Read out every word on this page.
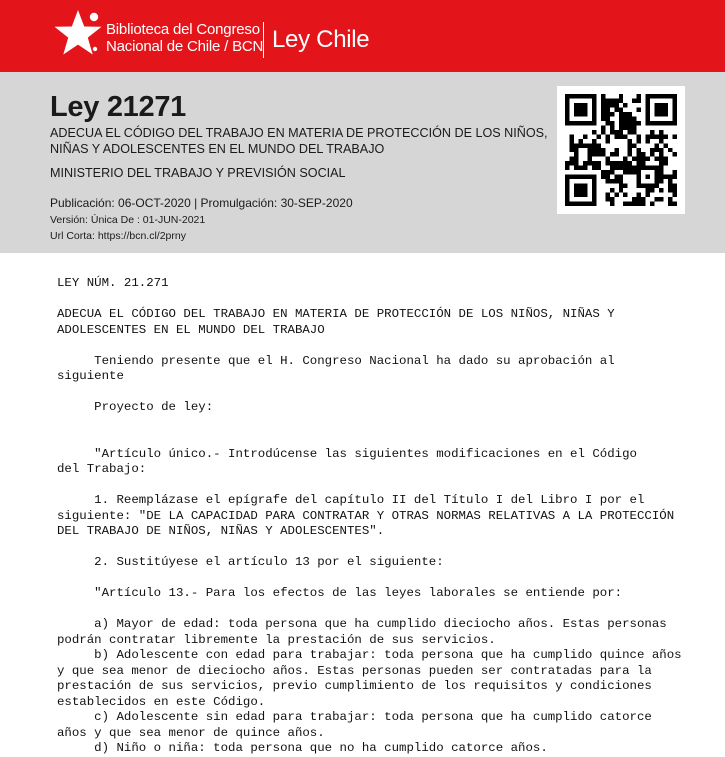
Biblioteca del Congreso
Nacional de Chile / BCN Ley Chile
Ley 21271

ADECUA EL CÓDIGO DEL TRABAJO EN MATERIA DE PROTECCIÓN DE LOS NIÑOS, NIÑAS Y ADOLESCENTES EN EL MUNDO DEL TRABAJO

MINISTERIO DEL TRABAJO Y PREVISIÓN SOCIAL

Publicación: 06-OCT-2020 | Promulgación: 30-SEP-2020
Versión: Única De : 01-JUN-2021
Url Corta: https://bcn.cl/2prny

LEY NÚM. 21.271

ADECUA EL CÓDIGO DEL TRABAJO EN MATERIA DE PROTECCIÓN DE LOS NIÑOS, NIÑAS Y

ADOLESCENTES EN EL MUNDO DEL TRABAJO

Teniendo presente que el H. Congreso Nacional ha dado su aprobación al

siguiente

Proyecto de ley:

"Artículo único.- Introdúcense las siguientes modificaciones en el Código

del Trabajo:

1. Reemplázase el epígrafe del capítulo II del Título I del Libro I por el

siguiente: "DE LA CAPACIDAD PARA CONTRATAR Y OTRAS NORMAS RELATIVAS A LA PROTECCIÓN

DEL TRABAJO DE NIÑOS, NIÑAS Y ADOLESCENTES".

2. Sustitúyese el artículo 13 por el siguiente:

"Artículo 13.- Para los efectos de las leyes laborales se entiende por:

a) Mayor de edad: toda persona que ha cumplido dieciocho años. Estas personas

podrán contratar libremente la prestación de sus servicios.

b) Adolescente con edad para trabajar: toda persona que ha cumplido quince años

y que sea menor de dieciocho años. Estas personas pueden ser contratadas para la

prestación de sus servicios, previo cumplimiento de los requisitos y condiciones

establecidos en este Código.

c) Adolescente sin edad para trabajar: toda persona que ha cumplido catorce

años y que sea menor de quince años.

d) Niño o niña: toda persona que no ha cumplido catorce años.
